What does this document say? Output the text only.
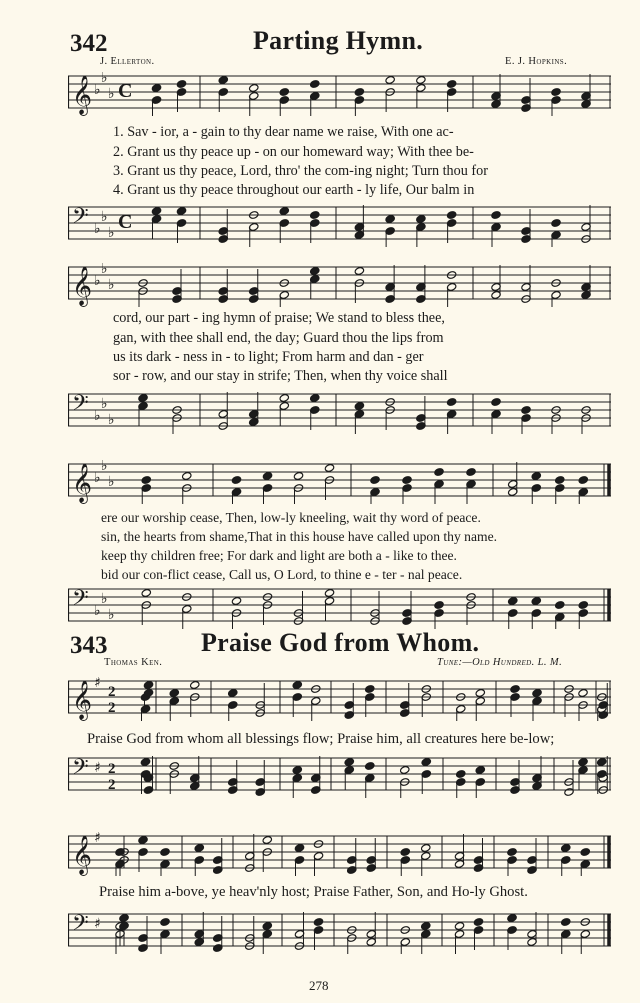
342	Parting Hymn.
J. Ellerton.	E. J. Hopkins.
𝄞 ♭
♭
♭ C
𝄢 ♭
♭
♭ C
𝄞 ♭
♭
♭
𝄢 ♭
♭
♭
𝄞 ♭
♭
♭
𝄢 ♭
♭
♭
𝄞 ♯
2
2
𝄢 ♯ 2
2
𝄞 ♯
𝄢 ♯
1. Sav - ior, a - gain to thy dear name we raise, With one ac-
2. Grant us thy peace up - on our homeward way; With thee be-
3. Grant us thy peace, Lord, thro' the com-ing night; Turn thou for
4. Grant us thy peace throughout our earth - ly life, Our balm in
cord, our part - ing hymn of praise; We stand to bless thee,
gan, with thee shall end, the day; Guard thou the lips from
us its dark - ness in - to light; From harm and dan - ger
sor - row, and our stay in strife; Then, when thy voice shall
ere our worship cease, Then, low-ly kneeling, wait thy word of peace.
sin, the hearts from shame,That in this house have called upon thy name.
keep thy children free; For dark and light are both a - like to thee.
bid our con-flict cease, Call us, O Lord, to thine e - ter - nal peace.
343	Praise God from Whom.
Thomas Ken.	Tune:—Old Hundred. L. M.
Praise God from whom all blessings flow; Praise him, all creatures here be-low;
Praise him a-bove, ye heav'nly host; Praise Father, Son, and Ho-ly Ghost.
278
